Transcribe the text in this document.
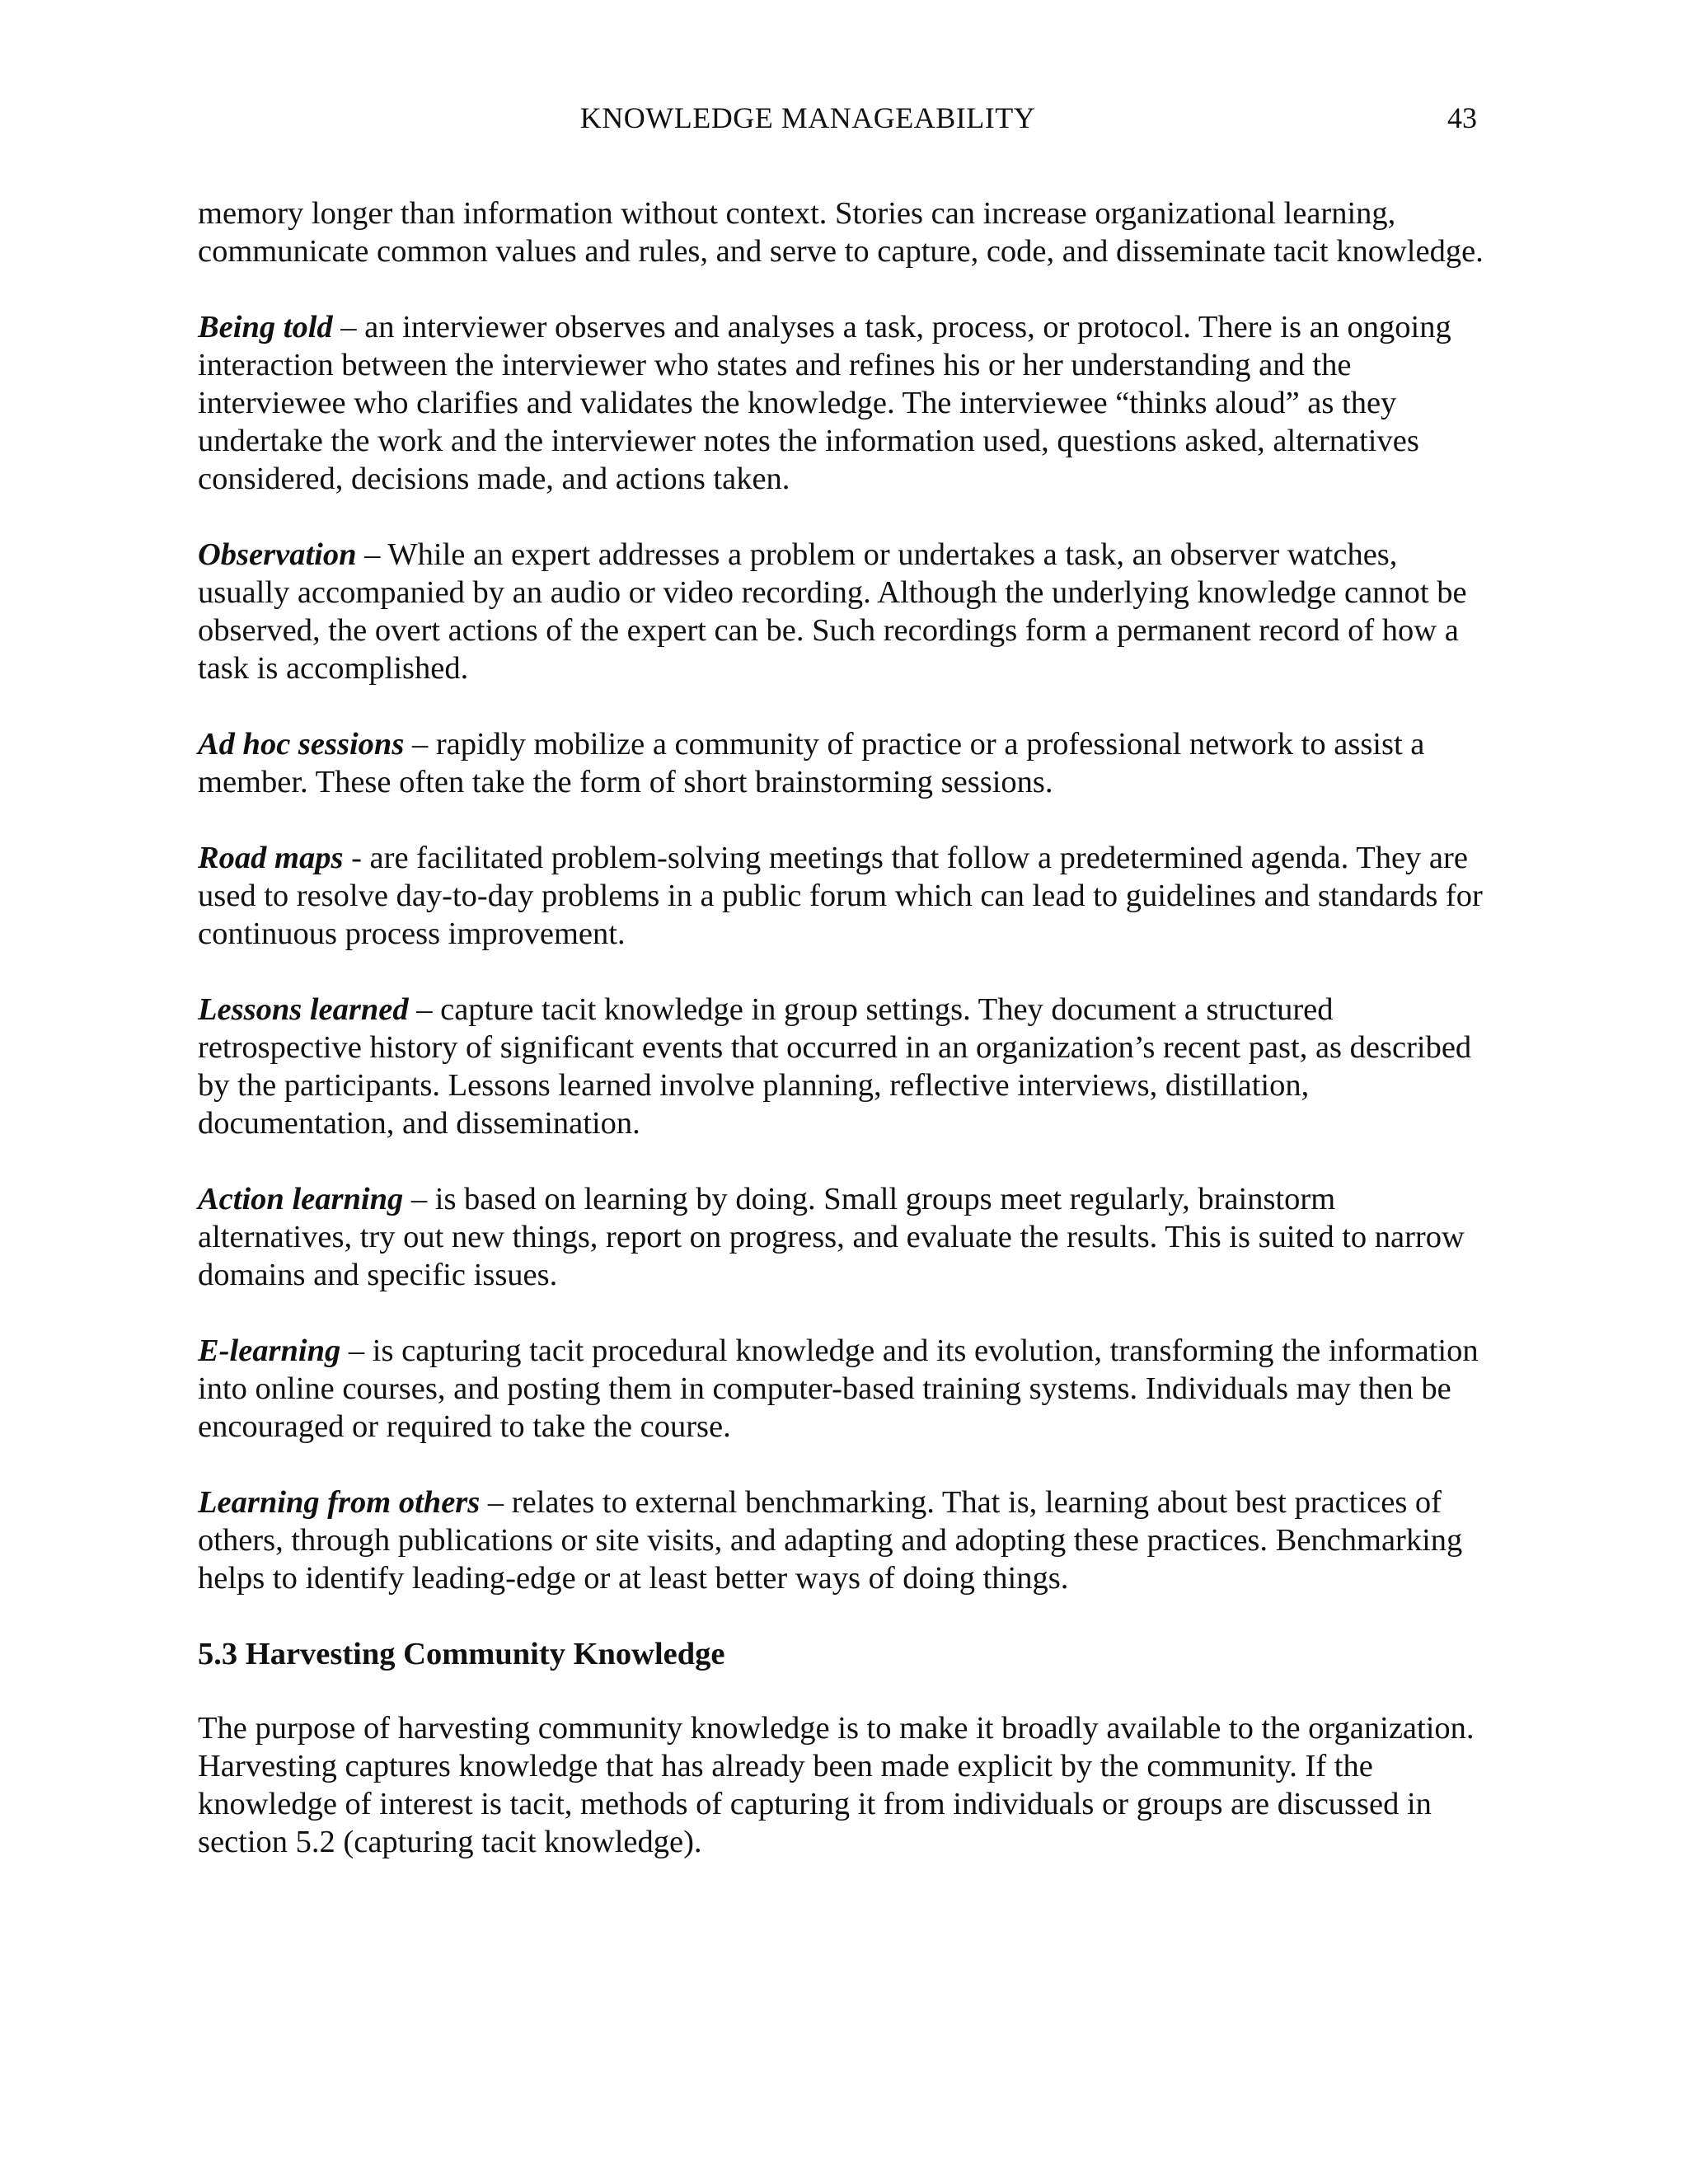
KNOWLEDGE MANAGEABILITY	43

memory longer than information without context. Stories can increase organizational learning, communicate common values and rules, and serve to capture, code, and disseminate tacit knowledge.

Being told – an interviewer observes and analyses a task, process, or protocol. There is an ongoing interaction between the interviewer who states and refines his or her understanding and the interviewee who clarifies and validates the knowledge. The interviewee “thinks aloud” as they undertake the work and the interviewer notes the information used, questions asked, alternatives considered, decisions made, and actions taken.

Observation – While an expert addresses a problem or undertakes a task, an observer watches, usually accompanied by an audio or video recording. Although the underlying knowledge cannot be observed, the overt actions of the expert can be. Such recordings form a permanent record of how a task is accomplished.

Ad hoc sessions – rapidly mobilize a community of practice or a professional network to assist a member. These often take the form of short brainstorming sessions.

Road maps - are facilitated problem-solving meetings that follow a predetermined agenda. They are used to resolve day-to-day problems in a public forum which can lead to guidelines and standards for continuous process improvement.

Lessons learned – capture tacit knowledge in group settings. They document a structured retrospective history of significant events that occurred in an organization’s recent past, as described by the participants. Lessons learned involve planning, reflective interviews, distillation, documentation, and dissemination.

Action learning – is based on learning by doing. Small groups meet regularly, brainstorm alternatives, try out new things, report on progress, and evaluate the results. This is suited to narrow domains and specific issues.

E-learning – is capturing tacit procedural knowledge and its evolution, transforming the information into online courses, and posting them in computer-based training systems. Individuals may then be encouraged or required to take the course.

Learning from others – relates to external benchmarking. That is, learning about best practices of others, through publications or site visits, and adapting and adopting these practices. Benchmarking helps to identify leading-edge or at least better ways of doing things.

5.3 Harvesting Community Knowledge

The purpose of harvesting community knowledge is to make it broadly available to the organization. Harvesting captures knowledge that has already been made explicit by the community. If the knowledge of interest is tacit, methods of capturing it from individuals or groups are discussed in section 5.2 (capturing tacit knowledge).
